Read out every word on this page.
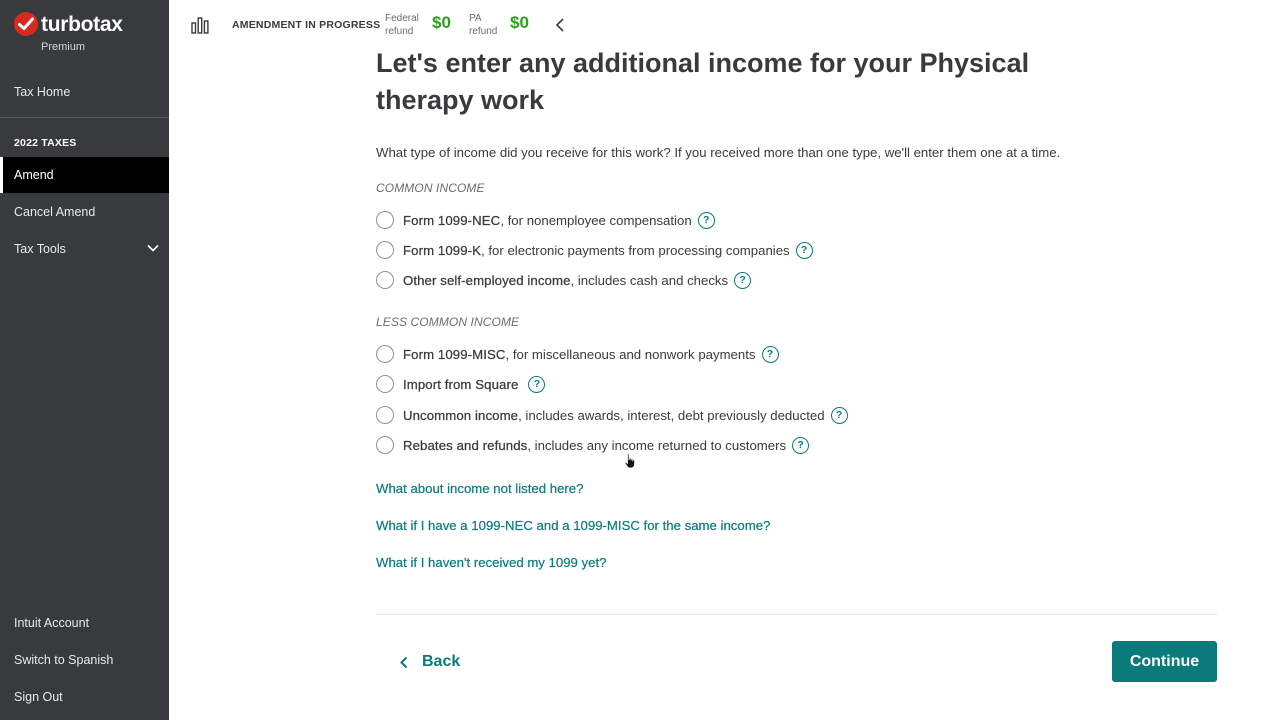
turbotax
Premium
Tax Home
2022 TAXES
Amend
Cancel Amend
Tax Tools
Intuit Account
Switch to Spanish
Sign Out
AMENDMENT IN PROGRESS
Federal
refund	$0 PA
refund $0
Let's enter any additional income for your Physical therapy work

What type of income did you receive for this work? If you received more than one type, we'll enter them one at a time.

COMMON INCOME
Form 1099-NEC, for nonemployee compensation	?
Form 1099-K, for electronic payments from processing companies	?
Other self-employed income, includes cash and checks	?
LESS COMMON INCOME
Form 1099-MISC, for miscellaneous and nonwork payments	?
Import from Square	?
Uncommon income, includes awards, interest, debt previously deducted	?
Rebates and refunds, includes any income returned to customers	?
What about income not listed here?
What if I have a 1099-NEC and a 1099-MISC for the same income?
What if I haven't received my 1099 yet?
Back	Continue
